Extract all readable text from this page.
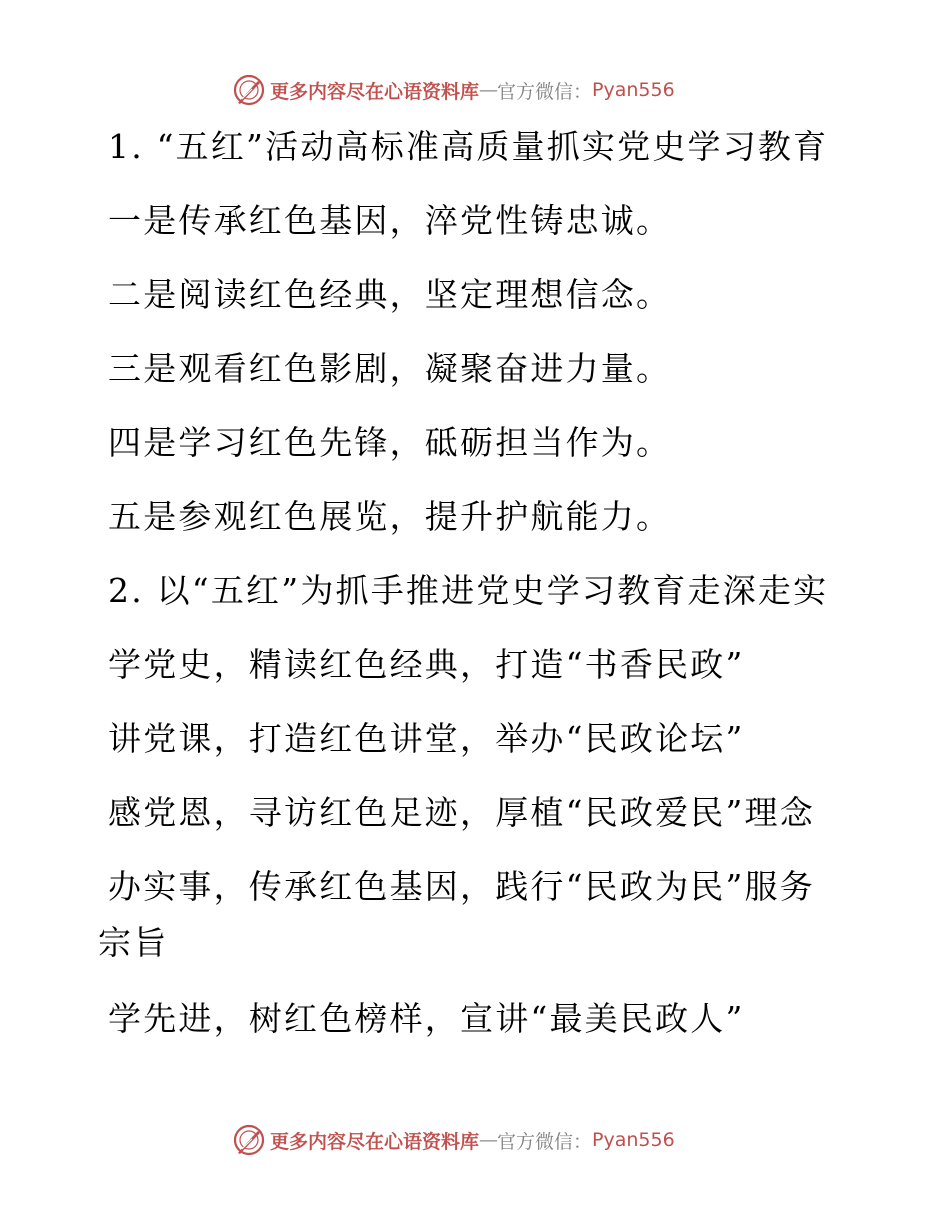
更多内容尽在心语资料库 — 官方微信： Pyan556

1. “五红”活动高标准高质量抓实党史学习教育

一是传承红色基因，淬党性铸忠诚。

二是阅读红色经典，坚定理想信念。

三是观看红色影剧，凝聚奋进力量。

四是学习红色先锋，砥砺担当作为。

五是参观红色展览，提升护航能力。

2. 以“五红”为抓手推进党史学习教育走深走实

学党史，精读红色经典，打造“书香民政”

讲党课，打造红色讲堂，举办“民政论坛”

感党恩，寻访红色足迹，厚植“民政爱民”理念

办实事，传承红色基因，践行“民政为民”服务

宗旨

学先进，树红色榜样，宣讲“最美民政人”

更多内容尽在心语资料库 — 官方微信： Pyan556
